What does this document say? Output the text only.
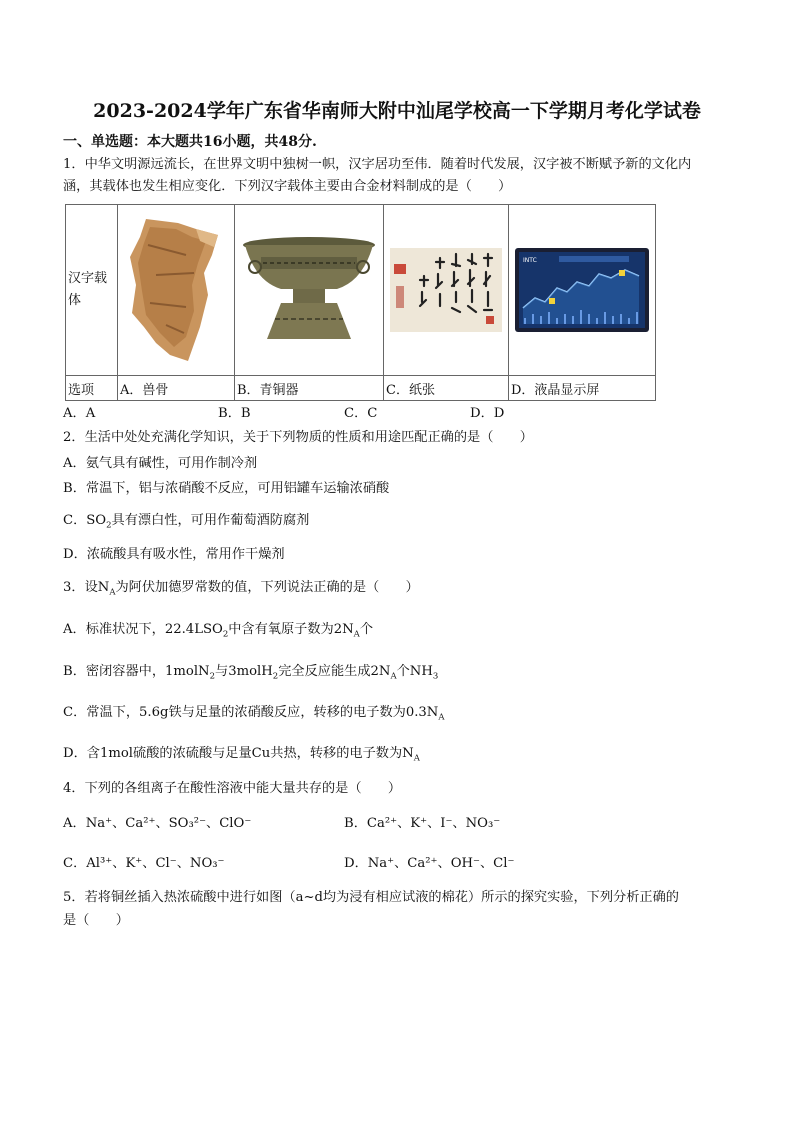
2023-2024学年广东省华南师大附中汕尾学校高一下学期月考化学试卷
一、单选题：本大题共16小题，共48分.
1．中华文明源远流长，在世界文明中独树一帜，汉字居功至伟．随着时代发展，汉字被不断赋予新的文化内
涵，其载体也发生相应变化．下列汉字载体主要由合金材料制成的是（　　）
汉字载体				INTC

选项	A．兽骨	B．青铜器	C．纸张	D．液晶显示屏
A．A	B．B	C．C	D．D
2．生活中处处充满化学知识，关于下列物质的性质和用途匹配正确的是（　　）
A．氨气具有碱性，可用作制冷剂
B．常温下，铝与浓硝酸不反应，可用铝罐车运输浓硝酸
C．$SO_2$具有漂白性，可用作葡萄酒防腐剂
D．浓硫酸具有吸水性，常用作干燥剂
3．设$N_A$为阿伏加德罗常数的值，下列说法正确的是（　　）
A．标准状况下，$22.4LSO_2$中含有氧原子数为$2N_A$个
B．密闭容器中，1molN$_2$与3molH$_2$完全反应能生成$2N_A$个$NH_3$
C．常温下，5.6g铁与足量的浓硝酸反应，转移的电子数为$0.3N_A$
D．含1mol硫酸的浓硫酸与足量Cu共热，转移的电子数为$N_A$
4．下列的各组离子在酸性溶液中能大量共存的是（　　）
A．Na⁺、Ca²⁺、SO₃²⁻、ClO⁻	B．Ca²⁺、K⁺、I⁻、NO₃⁻
C．Al³⁺、K⁺、Cl⁻、NO₃⁻	D．Na⁺、Ca²⁺、OH⁻、Cl⁻
5．若将铜丝插入热浓硫酸中进行如图（a~d均为浸有相应试液的棉花）所示的探究实验，下列分析正确的
是（　　）
